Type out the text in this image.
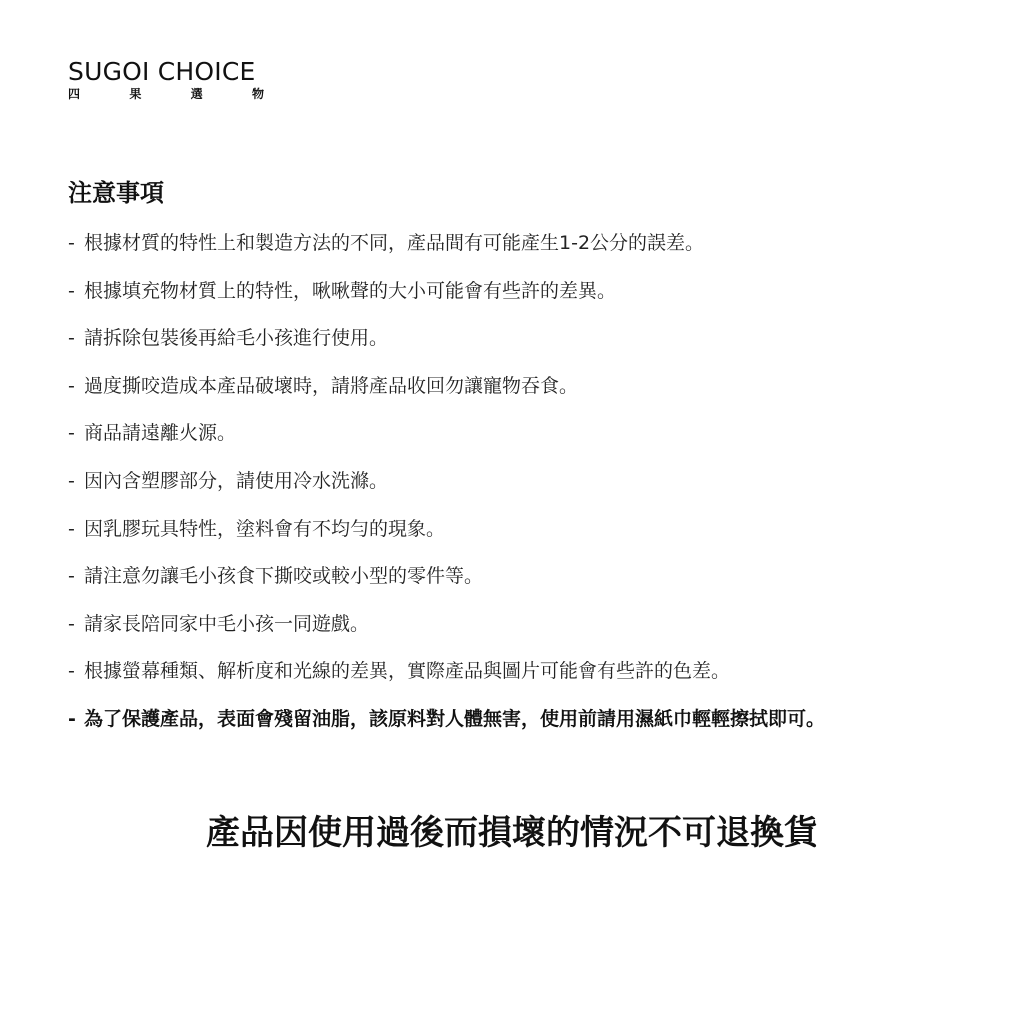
SUGOI CHOICE
四	果	選	物
注意事項
- 根據材質的特性上和製造方法的不同，產品間有可能產生1-2公分的誤差。
- 根據填充物材質上的特性，啾啾聲的大小可能會有些許的差異。
- 請拆除包裝後再給毛小孩進行使用。
- 過度撕咬造成本產品破壞時，請將產品收回勿讓寵物吞食。
- 商品請遠離火源。
- 因內含塑膠部分，請使用冷水洗滌。
- 因乳膠玩具特性，塗料會有不均勻的現象。
- 請注意勿讓毛小孩食下撕咬或較小型的零件等。
- 請家長陪同家中毛小孩一同遊戲。
- 根據螢幕種類、解析度和光線的差異，實際產品與圖片可能會有些許的色差。
- 為了保護產品，表面會殘留油脂，該原料對人體無害，使用前請用濕紙巾輕輕擦拭即可。

產品因使用過後而損壞的情況不可退換貨
